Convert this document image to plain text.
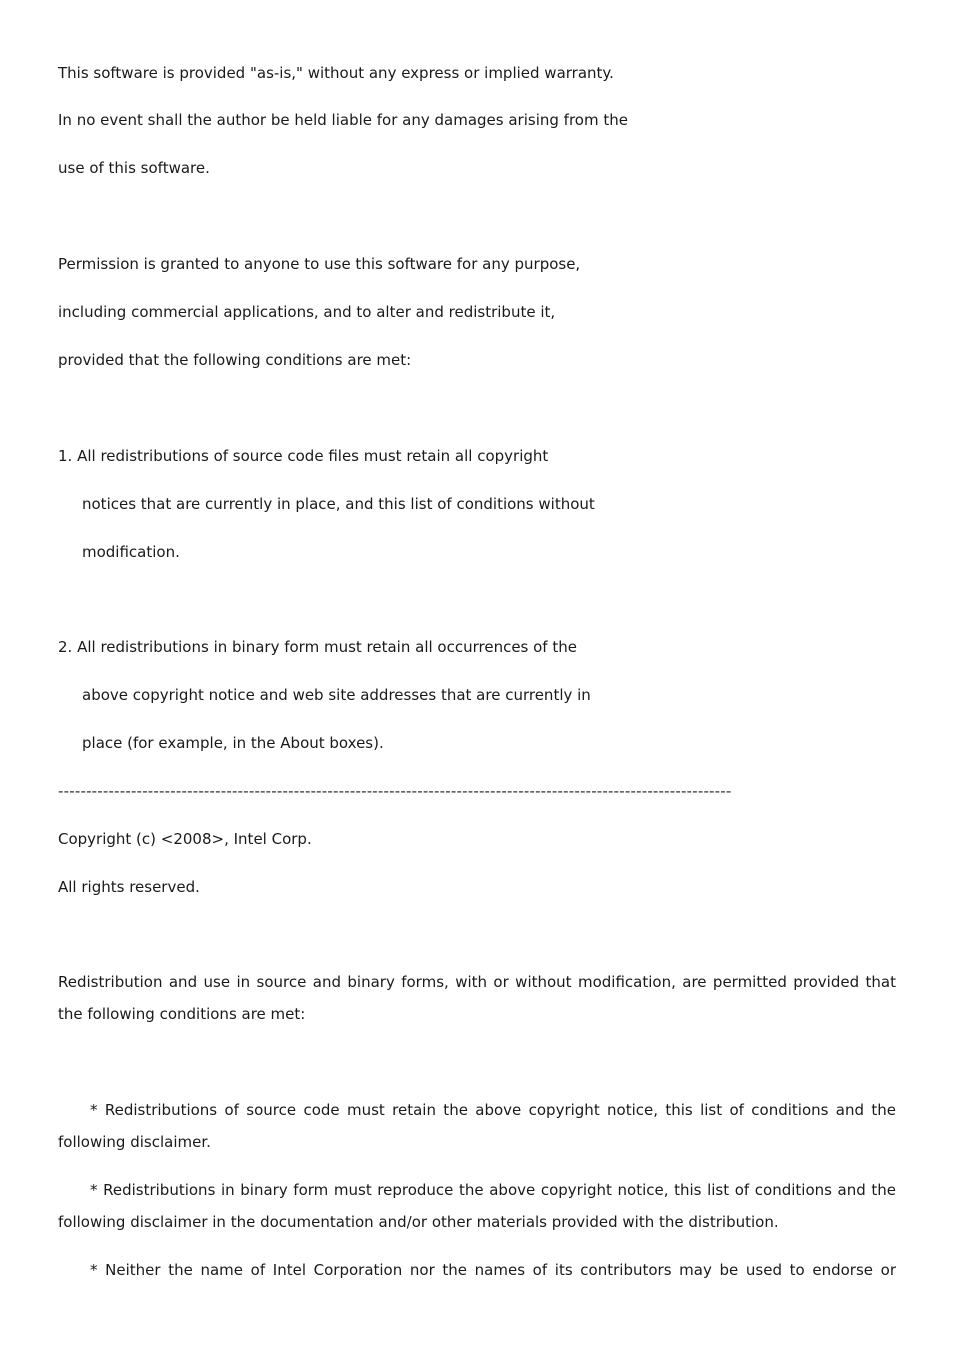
This software is provided "as-is," without any express or implied warranty.
In no event shall the author be held liable for any damages arising from the
use of this software.
Permission is granted to anyone to use this software for any purpose,
including commercial applications, and to alter and redistribute it,
provided that the following conditions are met:
1. All redistributions of source code files must retain all copyright
notices that are currently in place, and this list of conditions without
modification.
2. All redistributions in binary form must retain all occurrences of the
above copyright notice and web site addresses that are currently in
place (for example, in the About boxes).
------------------------------------------------------------------------------------------------------------------------
Copyright (c) <2008>, Intel Corp.
All rights reserved.
Redistribution and use in source and binary forms, with or without modification, are permitted provided that the following conditions are met:
* Redistributions of source code must retain the above copyright notice, this list of conditions and the following disclaimer.
* Redistributions in binary form must reproduce the above copyright notice, this list of conditions and the following disclaimer in the documentation and/or other materials provided with the distribution.
* Neither the name of Intel Corporation nor the names of its contributors may be used to endorse or
